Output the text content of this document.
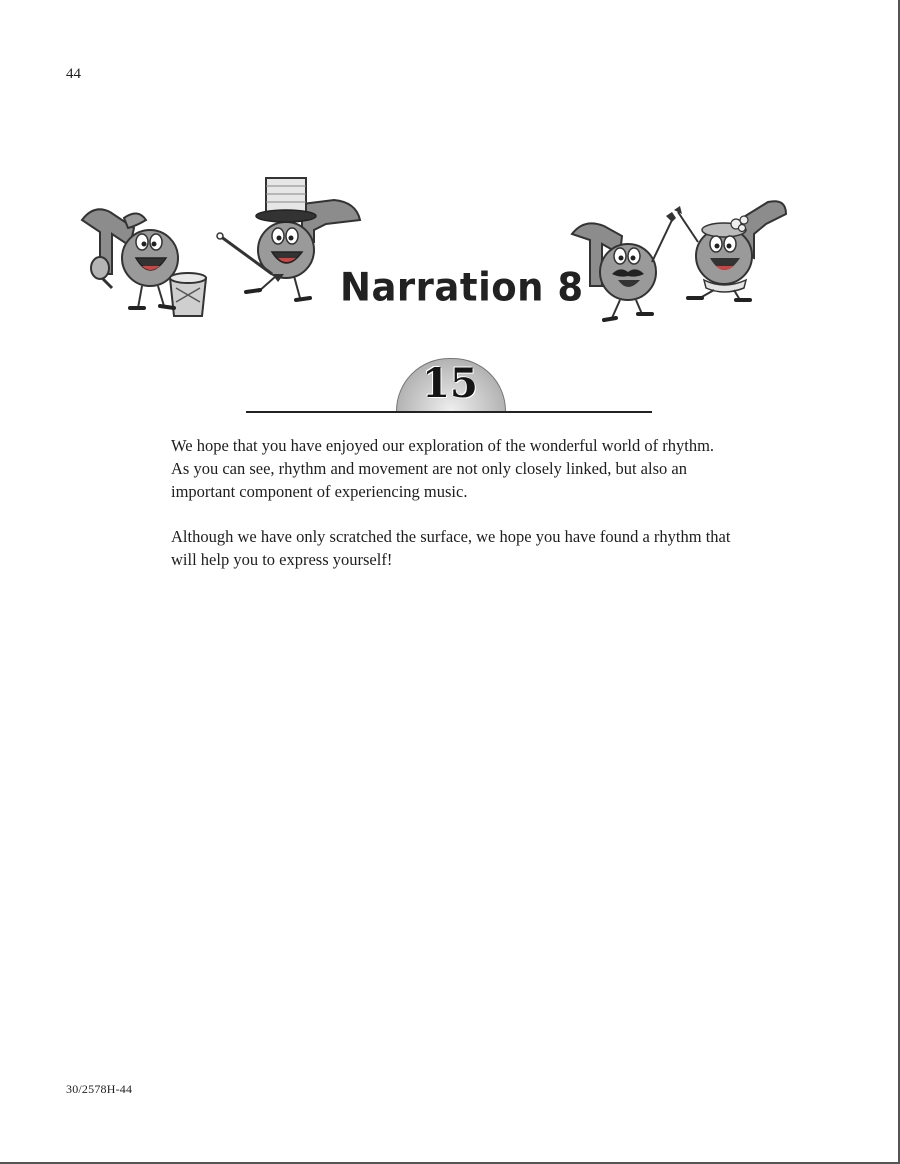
44
Narration 8
15

We hope that you have enjoyed our exploration of the wonderful world of rhythm. As you can see, rhythm and movement are not only closely linked, but also an important component of experiencing music.

Although we have only scratched the surface, we hope you have found a rhythm that will help you to express yourself!

30/2578H-44
